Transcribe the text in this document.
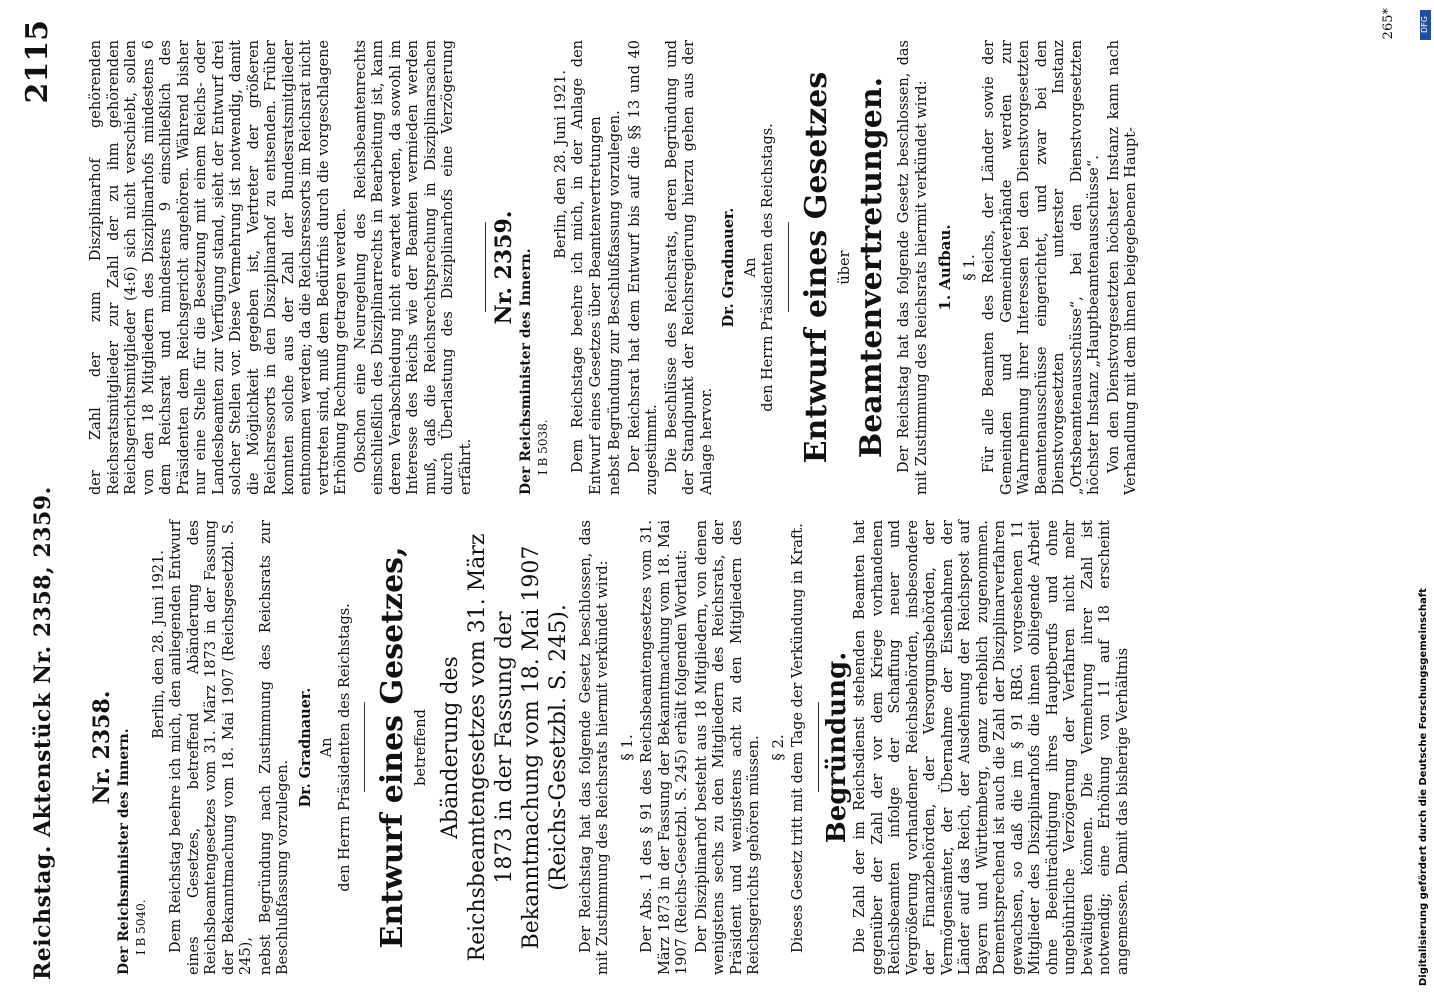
Reichstag. Aktenstück Nr. 2358, 2359.
2115
Nr. 2358. Der Reichsminister des Innern. I B 5040.
Berlin, den 28. Juni 1921. Dem Reichstag beehre ich mich, den anliegenden Entwurf eines Gesetzes, betreffend Abänderung des Reichsbeamtengesetzes vom 31. März 1873 in der Fassung der Bekanntmachung vom 18. Mai 1907 (Reichsgesetzbl. S. 245), nebst Begründung nach Zustimmung des Reichsrats zur Beschlußfassung vorzulegen.

Dr. Gradnauer. An den Herrn Präsidenten des Reichstags. Entwurf eines Gesetzes, betreffend Abänderung des Reichsbeamtengesetzes vom 31. März 1873 in der Fassung der Bekanntmachung vom 18. Mai 1907 (Reichs-Gesetzbl. S. 245). Der Reichstag hat das folgende Gesetz beschlossen, das mit Zustimmung des Reichsrats hiermit verkündet wird: § 1. Der Abs. 1 des § 91 des Reichsbeamtengesetzes vom 31. März 1873 in der Fassung der Bekanntmachung vom 18. Mai 1907 (Reichs-Gesetzbl. S. 245) erhält folgenden Wortlaut: Der Disziplinarhof besteht aus 18 Mitgliedern, von denen wenigstens sechs zu den Mitgliedern des Reichsrats, der Präsident und wenigstens acht zu den Mitgliedern des Reichsgerichts gehören müssen. § 2. Dieses Gesetz tritt mit dem Tage der Verkündung in Kraft. Begründung. Die Zahl der im Reichsdienst stehenden Beamten hat gegenüber der Zahl der vor dem Kriege vorhandenen Reichsbeamten infolge der Schaffung neuer und Vergrößerung vorhandener Reichsbehörden, insbesondere der Finanzbehörden, der Versorgungsbehörden, der Vermögensämter, der Übernahme der Eisenbahnen der Länder auf das Reich, der Ausdehnung der Reichspost auf Bayern und Württemberg, ganz erheblich zugenommen. Dementsprechend ist auch die Zahl der Disziplinarverfahren gewachsen, so daß die im § 91 RBG. vorgesehenen 11 Mitglieder des Disziplinarhofs die ihnen obliegende Arbeit ohne Beeinträchtigung ihres Hauptberufs und ohne ungebührliche Verzögerung der Verfahren nicht mehr bewältigen können. Die Vermehrung ihrer Zahl ist notwendig; eine Erhöhung von 11 auf 18 erscheint angemessen. Damit das bisherige Verhältnis

der Zahl der zum Disziplinarhof gehörenden Reichsratsmitglieder zur Zahl der zu ihm gehörenden Reichsgerichtsmitglieder (4:6) sich nicht verschiebt, sollen von den 18 Mitgliedern des Disziplinarhofs mindestens 6 dem Reichsrat und mindestens 9 einschließlich des Präsidenten dem Reichsgericht angehören. Während bisher nur eine Stelle für die Besetzung mit einem Reichs- oder Landesbeamten zur Verfügung stand, sieht der Entwurf drei solcher Stellen vor. Diese Vermehrung ist notwendig, damit die Möglichkeit gegeben ist, Vertreter der größeren Reichsressorts in den Disziplinarhof zu entsenden. Früher konnten solche aus der Zahl der Bundesratsmitglieder entnommen werden; da die Reichsressorts im Reichsrat nicht vertreten sind, muß dem Bedürfnis durch die vorgeschlagene Erhöhung Rechnung getragen werden. Obschon eine Neuregelung des Reichsbeamtenrechts einschließlich des Disziplinarrechts in Bearbeitung ist, kann deren Verabschiedung nicht erwartet werden, da sowohl im Interesse des Reichs wie der Beamten vermieden werden muß, daß die Reichsrechtsprechung in Disziplinarsachen durch Überlastung des Disziplinarhofs eine Verzögerung erfährt.

Nr. 2359. Der Reichsminister des Innern. I B 5038.
Berlin, den 28. Juni 1921. Dem Reichstage beehre ich mich, in der Anlage den Entwurf eines Gesetzes über Beamtenvertretungen nebst Begründung zur Beschlußfassung vorzulegen. Der Reichsrat hat dem Entwurf bis auf die §§ 13 und 40 zugestimmt. Die Beschlüsse des Reichsrats, deren Begründung und der Standpunkt der Reichsregierung hierzu gehen aus der Anlage hervor.

Dr. Gradnauer. An den Herrn Präsidenten des Reichstags. Entwurf eines Gesetzes über Beamtenvertretungen. Der Reichstag hat das folgende Gesetz beschlossen, das mit Zustimmung des Reichsrats hiermit verkündet wird: 1. Aufbau. § 1. Für alle Beamten des Reichs, der Länder sowie der Gemeinden und Gemeindeverbände werden zur Wahrnehmung ihrer Interessen bei den Dienstvorgesetzten Beamtenausschüsse eingerichtet, und zwar bei den Dienstvorgesetzten unterster Instanz „Ortsbeamtenausschüsse“, bei den Dienstvorgesetzten höchster Instanz „Hauptbeamtenausschüsse“. Von den Dienstvorgesetzten höchster Instanz kann nach Verhandlung mit dem ihnen beigegebenen Haupt-

265*	DFG
Digitalisierung gefördert durch die Deutsche Forschungsgemeinschaft
